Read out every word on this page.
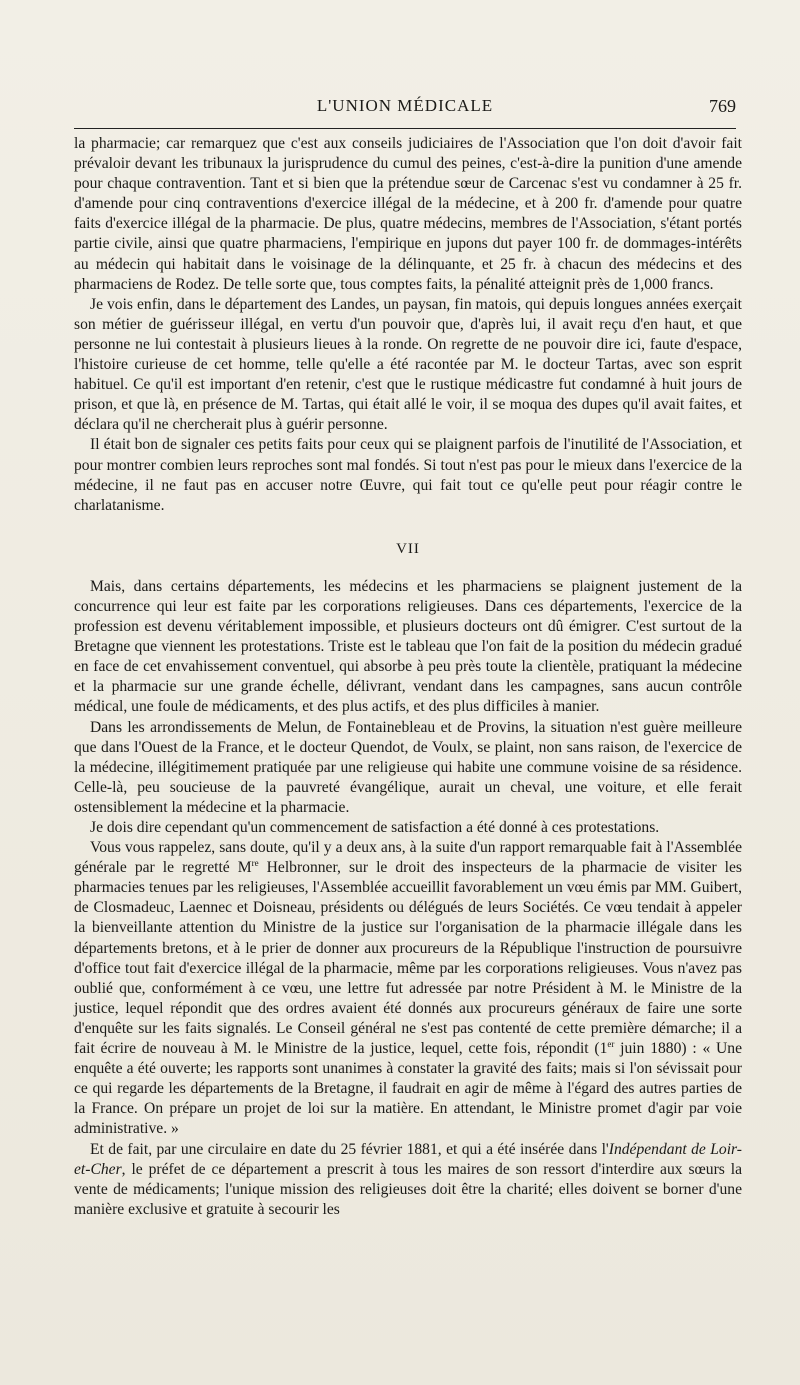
L'UNION MÉDICALE	769

la pharmacie; car remarquez que c'est aux conseils judiciaires de l'Association que l'on doit d'avoir fait prévaloir devant les tribunaux la jurisprudence du cumul des peines, c'est-à-dire la punition d'une amende pour chaque contravention. Tant et si bien que la prétendue sœur de Carcenac s'est vu condamner à 25 fr. d'amende pour cinq contraventions d'exercice illégal de la médecine, et à 200 fr. d'amende pour quatre faits d'exercice illégal de la pharmacie. De plus, quatre médecins, membres de l'Association, s'étant portés partie civile, ainsi que quatre pharmaciens, l'empirique en jupons dut payer 100 fr. de dommages-intérêts au médecin qui habitait dans le voisinage de la délinquante, et 25 fr. à chacun des médecins et des pharmaciens de Rodez. De telle sorte que, tous comptes faits, la pénalité atteignit près de 1,000 francs.

Je vois enfin, dans le département des Landes, un paysan, fin matois, qui depuis longues années exerçait son métier de guérisseur illégal, en vertu d'un pouvoir que, d'après lui, il avait reçu d'en haut, et que personne ne lui contestait à plusieurs lieues à la ronde. On regrette de ne pouvoir dire ici, faute d'espace, l'histoire curieuse de cet homme, telle qu'elle a été racontée par M. le docteur Tartas, avec son esprit habituel. Ce qu'il est important d'en retenir, c'est que le rustique médicastre fut condamné à huit jours de prison, et que là, en présence de M. Tartas, qui était allé le voir, il se moqua des dupes qu'il avait faites, et déclara qu'il ne chercherait plus à guérir personne.

Il était bon de signaler ces petits faits pour ceux qui se plaignent parfois de l'inutilité de l'Association, et pour montrer combien leurs reproches sont mal fondés. Si tout n'est pas pour le mieux dans l'exercice de la médecine, il ne faut pas en accuser notre Œuvre, qui fait tout ce qu'elle peut pour réagir contre le charlatanisme.

VII

Mais, dans certains départements, les médecins et les pharmaciens se plaignent justement de la concurrence qui leur est faite par les corporations religieuses. Dans ces départements, l'exercice de la profession est devenu véritablement impossible, et plusieurs docteurs ont dû émigrer. C'est surtout de la Bretagne que viennent les protestations. Triste est le tableau que l'on fait de la position du médecin gradué en face de cet envahissement conventuel, qui absorbe à peu près toute la clientèle, pratiquant la médecine et la pharmacie sur une grande échelle, délivrant, vendant dans les campagnes, sans aucun contrôle médical, une foule de médicaments, et des plus actifs, et des plus difficiles à manier.

Dans les arrondissements de Melun, de Fontainebleau et de Provins, la situation n'est guère meilleure que dans l'Ouest de la France, et le docteur Quendot, de Voulx, se plaint, non sans raison, de l'exercice de la médecine, illégitimement pratiquée par une religieuse qui habite une commune voisine de sa résidence. Celle-là, peu soucieuse de la pauvreté évangélique, aurait un cheval, une voiture, et elle ferait ostensiblement la médecine et la pharmacie.

Je dois dire cependant qu'un commencement de satisfaction a été donné à ces protestations.

Vous vous rappelez, sans doute, qu'il y a deux ans, à la suite d'un rapport remarquable fait à l'Assemblée générale par le regretté Mre Helbronner, sur le droit des inspecteurs de la pharmacie de visiter les pharmacies tenues par les religieuses, l'Assemblée accueillit favorablement un vœu émis par MM. Guibert, de Closmadeuc, Laennec et Doisneau, présidents ou délégués de leurs Sociétés. Ce vœu tendait à appeler la bienveillante attention du Ministre de la justice sur l'organisation de la pharmacie illégale dans les départements bretons, et à le prier de donner aux procureurs de la République l'instruction de poursuivre d'office tout fait d'exercice illégal de la pharmacie, même par les corporations religieuses. Vous n'avez pas oublié que, conformément à ce vœu, une lettre fut adressée par notre Président à M. le Ministre de la justice, lequel répondit que des ordres avaient été donnés aux procureurs généraux de faire une sorte d'enquête sur les faits signalés. Le Conseil général ne s'est pas contenté de cette première démarche; il a fait écrire de nouveau à M. le Ministre de la justice, lequel, cette fois, répondit (1er juin 1880) : « Une enquête a été ouverte; les rapports sont unanimes à constater la gravité des faits; mais si l'on sévissait pour ce qui regarde les départements de la Bretagne, il faudrait en agir de même à l'égard des autres parties de la France. On prépare un projet de loi sur la matière. En attendant, le Ministre promet d'agir par voie administrative. »

Et de fait, par une circulaire en date du 25 février 1881, et qui a été insérée dans l'Indépendant de Loir-et-Cher, le préfet de ce département a prescrit à tous les maires de son ressort d'interdire aux sœurs la vente de médicaments; l'unique mission des religieuses doit être la charité; elles doivent se borner d'une manière exclusive et gratuite à secourir les
